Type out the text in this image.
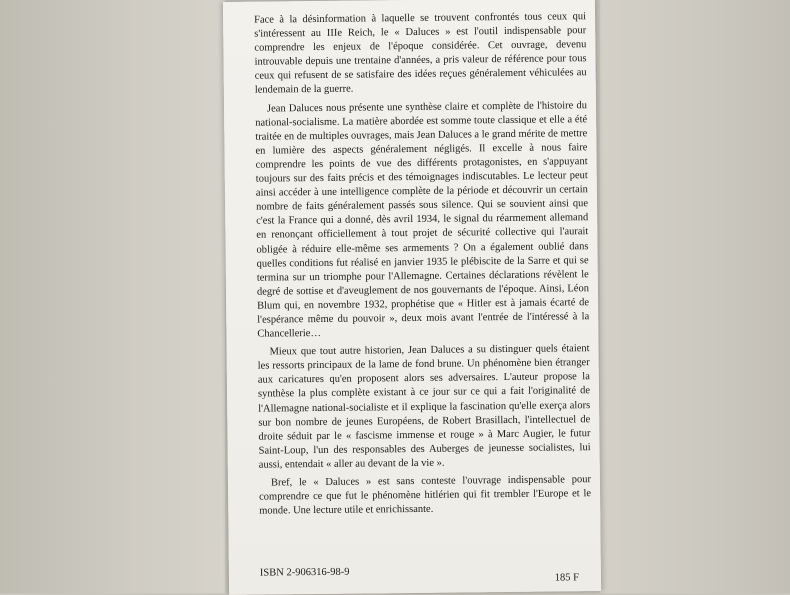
Face à la désinformation à laquelle se trouvent confrontés tous ceux qui s'intéressent au IIIe Reich, le « Daluces » est l'outil indispensable pour comprendre les enjeux de l'époque considérée. Cet ouvrage, devenu introuvable depuis une trentaine d'années, a pris valeur de référence pour tous ceux qui refusent de se satisfaire des idées reçues généralement véhiculées au lendemain de la guerre.

Jean Daluces nous présente une synthèse claire et complète de l'histoire du national-socialisme. La matière abordée est somme toute classique et elle a été traitée en de multiples ouvrages, mais Jean Daluces a le grand mérite de mettre en lumière des aspects généralement négligés. Il excelle à nous faire comprendre les points de vue des différents protagonistes, en s'appuyant toujours sur des faits précis et des témoignages indiscutables. Le lecteur peut ainsi accéder à une intelligence complète de la période et découvrir un certain nombre de faits généralement passés sous silence. Qui se souvient ainsi que c'est la France qui a donné, dès avril 1934, le signal du réarmement allemand en renonçant officiellement à tout projet de sécurité collective qui l'aurait obligée à réduire elle-même ses armements ? On a également oublié dans quelles conditions fut réalisé en janvier 1935 le plébiscite de la Sarre et qui se termina sur un triomphe pour l'Allemagne. Certaines déclarations révèlent le degré de sottise et d'aveuglement de nos gouvernants de l'époque. Ainsi, Léon Blum qui, en novembre 1932, prophétise que « Hitler est à jamais écarté de l'espérance même du pouvoir », deux mois avant l'entrée de l'intéressé à la Chancellerie…

Mieux que tout autre historien, Jean Daluces a su distinguer quels étaient les ressorts principaux de la lame de fond brune. Un phénomène bien étranger aux caricatures qu'en proposent alors ses adversaires. L'auteur propose la synthèse la plus complète existant à ce jour sur ce qui a fait l'originalité de l'Allemagne national-socialiste et il explique la fascination qu'elle exerça alors sur bon nombre de jeunes Européens, de Robert Brasillach, l'intellectuel de droite séduit par le « fascisme immense et rouge » à Marc Augier, le futur Saint-Loup, l'un des responsables des Auberges de jeunesse socialistes, lui aussi, entendait « aller au devant de la vie ».

Bref, le « Daluces » est sans conteste l'ouvrage indispensable pour comprendre ce que fut le phénomène hitlérien qui fit trembler l'Europe et le monde. Une lecture utile et enrichissante.

ISBN 2-906316-98-9	185 F
